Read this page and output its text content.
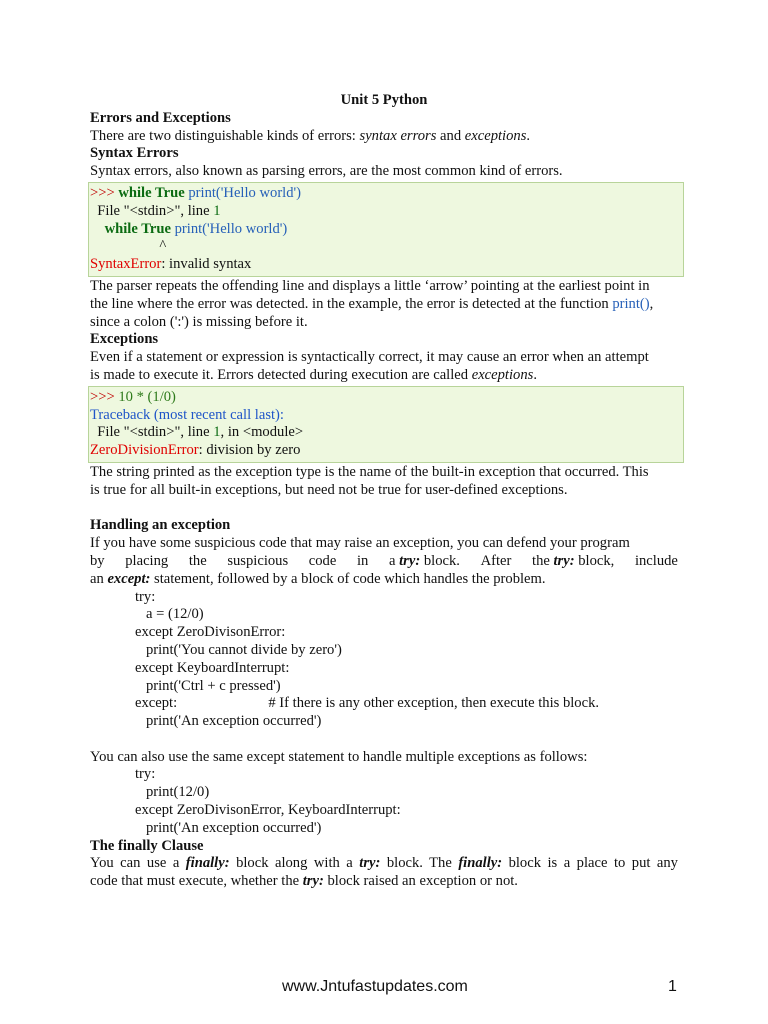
Unit 5 Python
Errors and Exceptions
There are two distinguishable kinds of errors: syntax errors and exceptions.
Syntax Errors
Syntax errors, also known as parsing errors, are the most common kind of errors.
>>> while True print('Hello world')
File "<stdin>", line 1
while True print('Hello world')
^
SyntaxError: invalid syntax
The parser repeats the offending line and displays a little ‘arrow’ pointing at the earliest point in
the line where the error was detected. in the example, the error is detected at the function print(),
since a colon (':') is missing before it.
Exceptions
Even if a statement or expression is syntactically correct, it may cause an error when an attempt
is made to execute it. Errors detected during execution are called exceptions.
>>> 10 * (1/0)
Traceback (most recent call last):
File "<stdin>", line 1, in <module>
ZeroDivisionError: division by zero
The string printed as the exception type is the name of the built-in exception that occurred. This
is true for all built-in exceptions, but need not be true for user-defined exceptions.
Handling an exception
If you have some suspicious code that may raise an exception, you can defend your program
by placing the suspicious code in a try: block. After the try: block, include
an except: statement, followed by a block of code which handles the problem.
try:
a = (12/0)
except ZeroDivisonError:
print('You cannot divide by zero')
except KeyboardInterrupt:
print('Ctrl + c pressed')
except:                         # If there is any other exception, then execute this block.
print('An exception occurred')
You can also use the same except statement to handle multiple exceptions as follows:
try:
print(12/0)
except ZeroDivisonError, KeyboardInterrupt:
print('An exception occurred')
The finally Clause
You can use a finally: block along with a try: block. The finally: block is a place to put any
code that must execute, whether the try: block raised an exception or not.
www.Jntufastupdates.com	1
